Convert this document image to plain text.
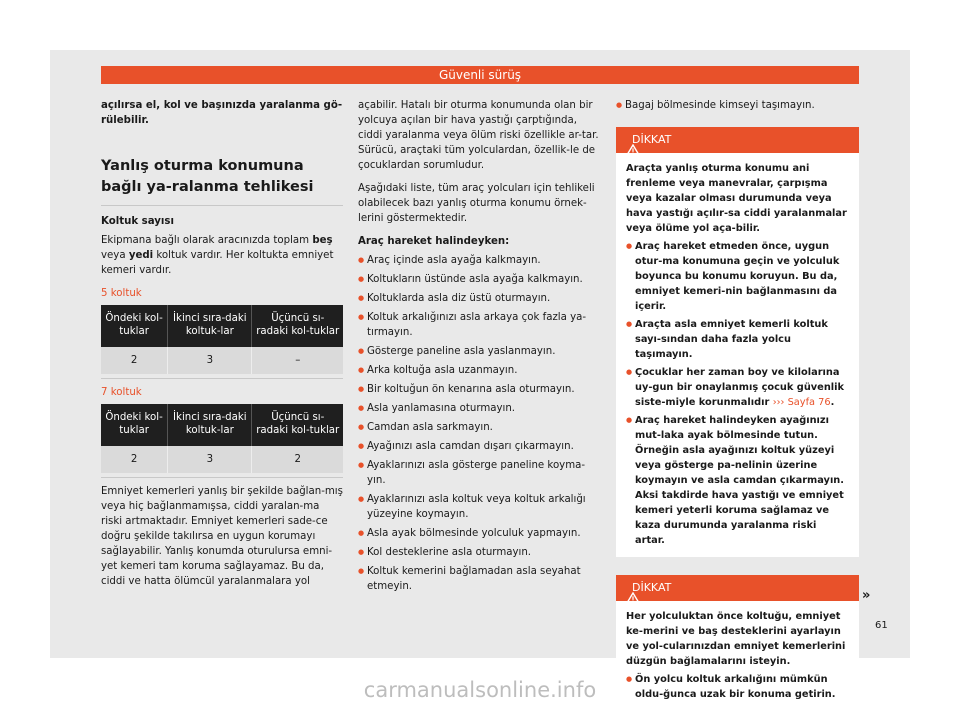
Güvenli sürüş

açılırsa el, kol ve başınızda yaralanma gö-rülebilir.

Yanlış oturma konumuna bağlı ya-ralanma tehlikesi

Koltuk sayısı

Ekipmana bağlı olarak aracınızda toplam beş veya yedi koltuk vardır. Her koltukta emniyet kemeri vardır.

5 koltuk

Öndeki kol-tuklar	İkinci sıra-daki koltuk-lar	Üçüncü sı-radaki kol-tuklar
2	3	–

7 koltuk

Öndeki kol-tuklar	İkinci sıra-daki koltuk-lar	Üçüncü sı-radaki kol-tuklar
2	3	2

Emniyet kemerleri yanlış bir şekilde bağlan-mış veya hiç bağlanmamışsa, ciddi yaralan-ma riski artmaktadır. Emniyet kemerleri sade-ce doğru şekilde takılırsa en uygun korumayı sağlayabilir. Yanlış konumda oturulursa emni-yet kemeri tam koruma sağlayamaz. Bu da, ciddi ve hatta ölümcül yaralanmalara yol

açabilir. Hatalı bir oturma konumunda olan bir yolcuya açılan bir hava yastığı çarptığında, ciddi yaralanma veya ölüm riski özellikle ar-tar. Sürücü, araçtaki tüm yolculardan, özellik-le de çocuklardan sorumludur.

Aşağıdaki liste, tüm araç yolcuları için tehlikeli olabilecek bazı yanlış oturma konumu örnek-lerini göstermektedir.

Araç hareket halindeyken:

● Araç içinde asla ayağa kalkmayın.

● Koltukların üstünde asla ayağa kalkmayın.

● Koltuklarda asla diz üstü oturmayın.

● Koltuk arkalığınızı asla arkaya çok fazla ya-tırmayın.

● Gösterge paneline asla yaslanmayın.

● Arka koltuğa asla uzanmayın.

● Bir koltuğun ön kenarına asla oturmayın.

● Asla yanlamasına oturmayın.

● Camdan asla sarkmayın.

● Ayağınızı asla camdan dışarı çıkarmayın.

● Ayaklarınızı asla gösterge paneline koyma-yın.

● Ayaklarınızı asla koltuk veya koltuk arkalığı yüzeyine koymayın.

● Asla ayak bölmesinde yolculuk yapmayın.

● Kol desteklerine asla oturmayın.

● Koltuk kemerini bağlamadan asla seyahat etmeyin.

● Bagaj bölmesinde kimseyi taşımayın.

DİKKAT

Araçta yanlış oturma konumu ani frenleme veya manevralar, çarpışma veya kazalar olması durumunda veya hava yastığı açılır-sa ciddi yaralanmalar veya ölüme yol aça-bilir.

● Araç hareket etmeden önce, uygun otur-ma konumuna geçin ve yolculuk boyunca bu konumu koruyun. Bu da, emniyet kemeri-nin bağlanmasını da içerir.

● Araçta asla emniyet kemerli koltuk sayı-sından daha fazla yolcu taşımayın.

● Çocuklar her zaman boy ve kilolarına uy-gun bir onaylanmış çocuk güvenlik siste-miyle korunmalıdır ››› Sayfa 76.

● Araç hareket halindeyken ayağınızı mut-laka ayak bölmesinde tutun. Örneğin asla ayağınızı koltuk yüzeyi veya gösterge pa-nelinin üzerine koymayın ve asla camdan çıkarmayın. Aksi takdirde hava yastığı ve emniyet kemeri yeterli koruma sağlamaz ve kaza durumunda yaralanma riski artar.

DİKKAT

Her yolculuktan önce koltuğu, emniyet ke-merini ve baş desteklerini ayarlayın ve yol-cularınızdan emniyet kemerlerini düzgün bağlamalarını isteyin.

● Ön yolcu koltuk arkalığını mümkün oldu-ğunca uzak bir konuma getirin.

»
61
carmanualsonline.info
